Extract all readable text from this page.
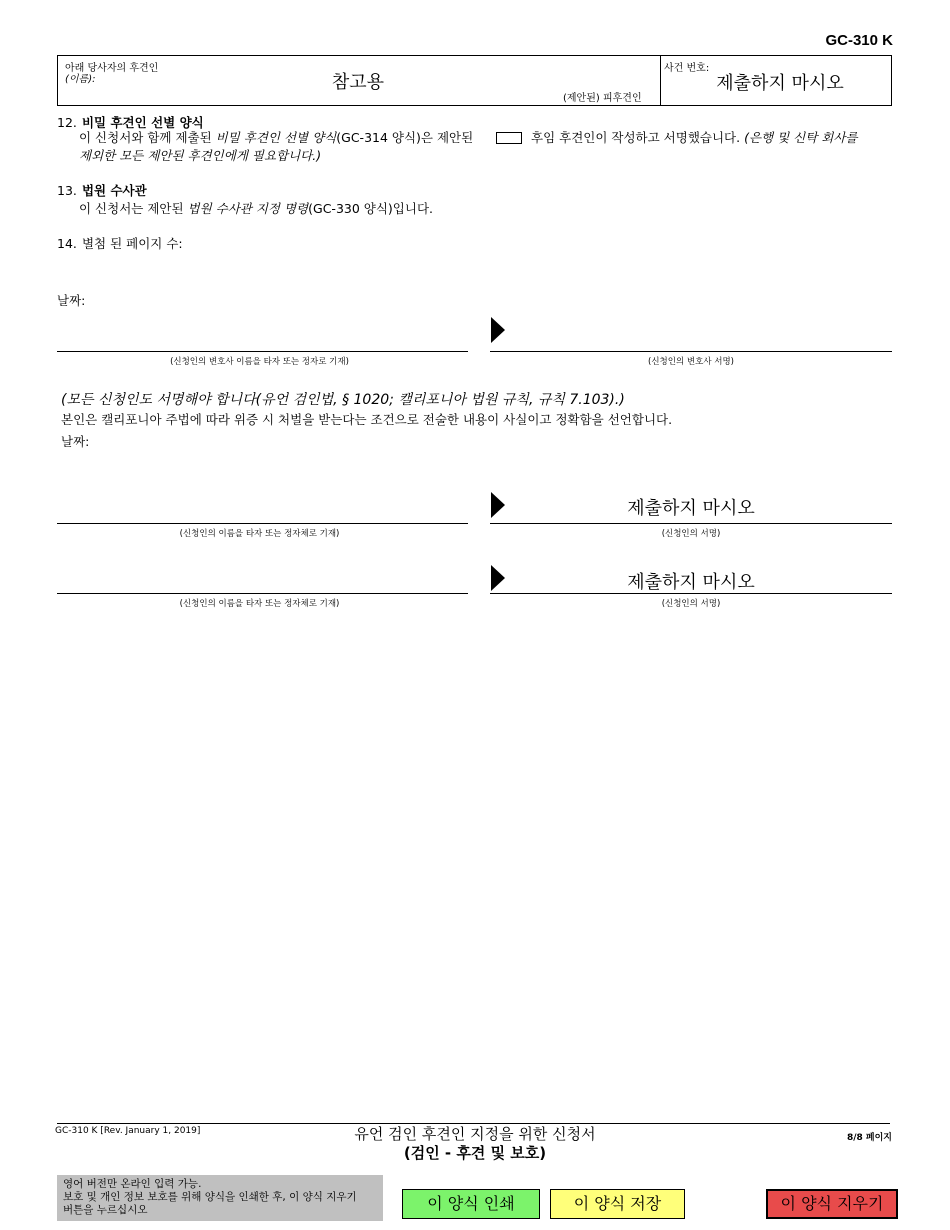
GC-310 K
아래 당사자의 후견인
(이름):	참고용
(제안된) 피후견인
사건 번호:
제출하지 마시오
12. 비밀 후견인 선별 양식
이 신청서와 함께 제출된 비밀 후견인 선별 양식(GC-314 양식)은 제안된	후임 후견인이 작성하고 서명했습니다. (은행 및 신탁 회사를
제외한 모든 제안된 후견인에게 필요합니다.)
13. 법원 수사관
이 신청서는 제안된 법원 수사관 지정 명령(GC-330 양식)입니다.
14. 별첨 된 페이지 수:
날짜:
(신청인의 변호사 이름을 타자 또는 정자로 기재)	(신청인의 변호사 서명)
(모든 신청인도 서명해야 합니다(유언 검인법, § 1020; 캘리포니아 법원 규칙, 규칙 7.103).)
본인은 캘리포니아 주법에 따라 위증 시 처벌을 받는다는 조건으로 전술한 내용이 사실이고 정확함을 선언합니다.
날짜:
(신청인의 이름을 타자 또는 정자체로 기재)
제출하지 마시오
(신청인의 서명)
(신청인의 이름을 타자 또는 정자체로 기재)
제출하지 마시오
(신청인의 서명)
GC-310 K [Rev. January 1, 2019]	유언 검인 후견인 지정을 위한 신청서
(검인 - 후견 및 보호)
8/8 페이지
영어 버전만 온라인 입력 가능.
보호 및 개인 정보 보호를 위해 양식을 인쇄한 후, 이 양식 지우기
버튼을 누르십시오	이 양식 인쇄	이 양식 저장	이 양식 지우기
